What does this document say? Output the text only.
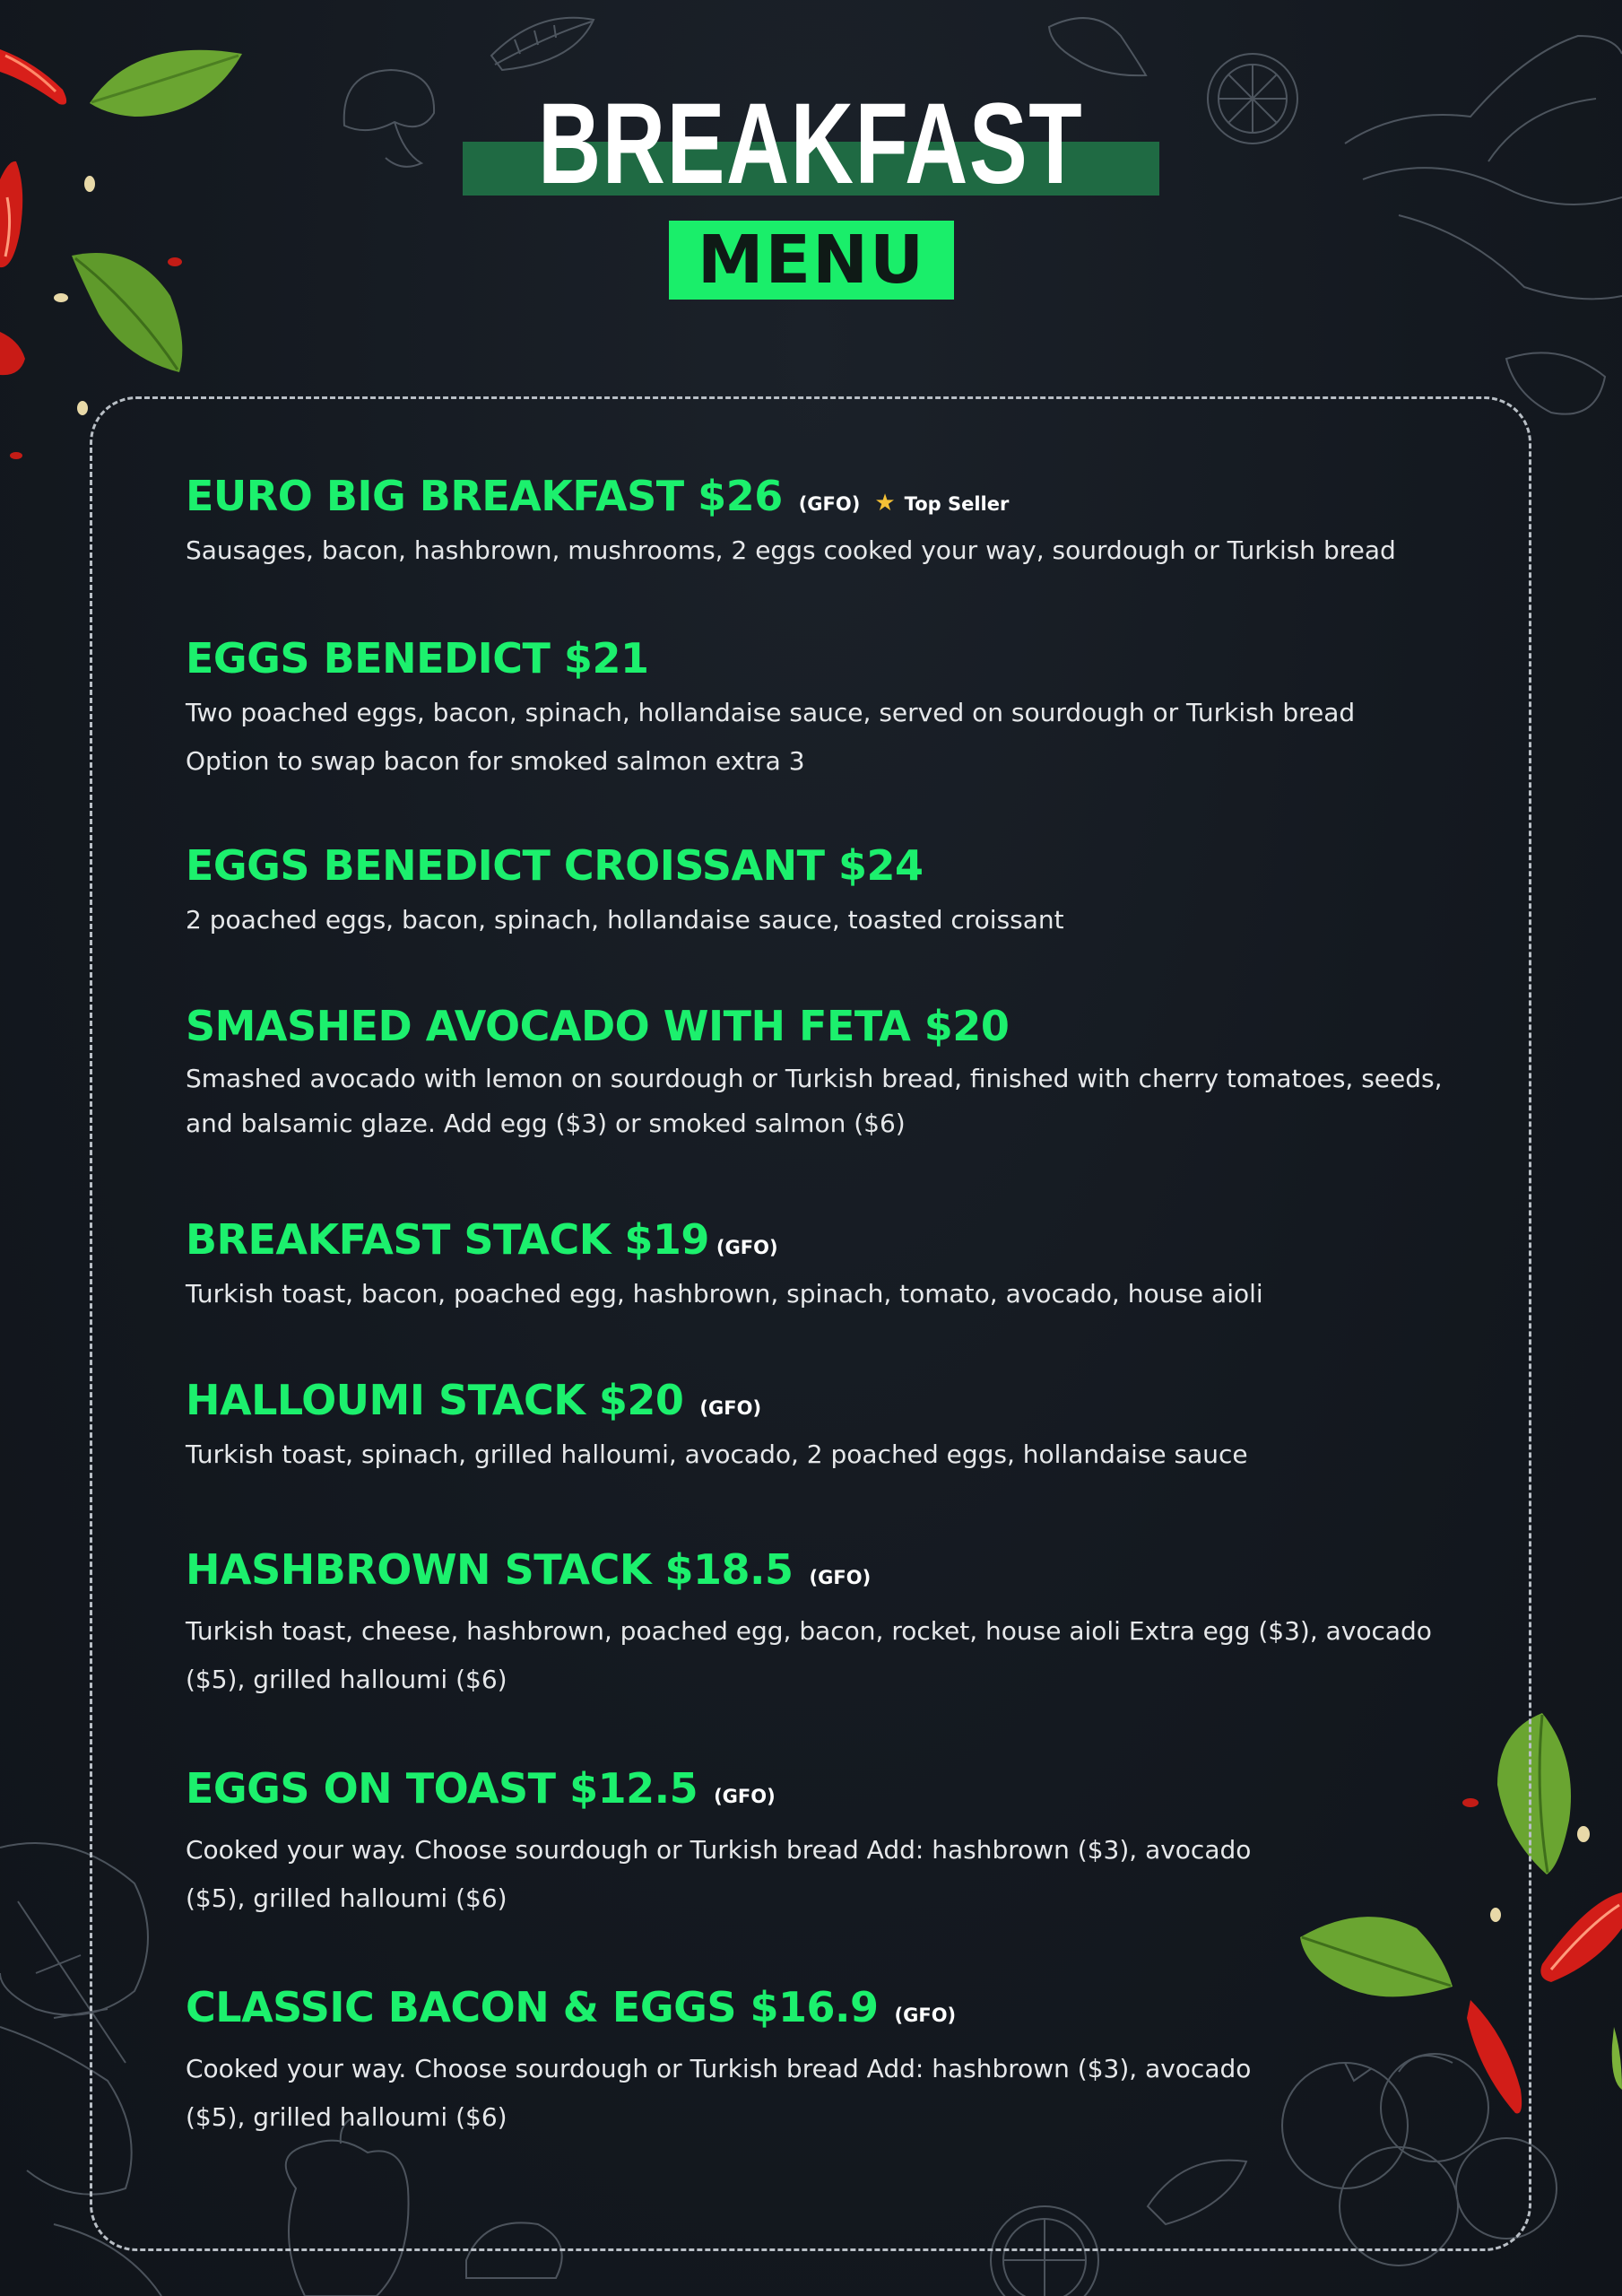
BREAKFAST
MENU
EURO BIG BREAKFAST $26 (GFO) ★ Top Seller
Sausages, bacon, hashbrown, mushrooms, 2 eggs cooked your way, sourdough or Turkish bread
EGGS BENEDICT $21
Two poached eggs, bacon, spinach, hollandaise sauce, served on sourdough or Turkish bread Option to swap bacon for smoked salmon extra 3
EGGS BENEDICT CROISSANT $24
2 poached eggs, bacon, spinach, hollandaise sauce, toasted croissant
SMASHED AVOCADO WITH FETA $20
Smashed avocado with lemon on sourdough or Turkish bread, finished with cherry tomatoes, seeds, and balsamic glaze. Add egg ($3) or smoked salmon ($6)
BREAKFAST STACK $19 (GFO)
Turkish toast, bacon, poached egg, hashbrown, spinach, tomato, avocado, house aioli
HALLOUMI STACK $20 (GFO)
Turkish toast, spinach, grilled halloumi, avocado, 2 poached eggs, hollandaise sauce
HASHBROWN STACK $18.5 (GFO)
Turkish toast, cheese, hashbrown, poached egg, bacon, rocket, house aioli Extra egg ($3), avocado ($5), grilled halloumi ($6)
EGGS ON TOAST $12.5 (GFO)
Cooked your way. Choose sourdough or Turkish bread Add: hashbrown ($3), avocado ($5), grilled halloumi ($6)
CLASSIC BACON & EGGS $16.9 (GFO)
Cooked your way. Choose sourdough or Turkish bread Add: hashbrown ($3), avocado ($5), grilled halloumi ($6)
